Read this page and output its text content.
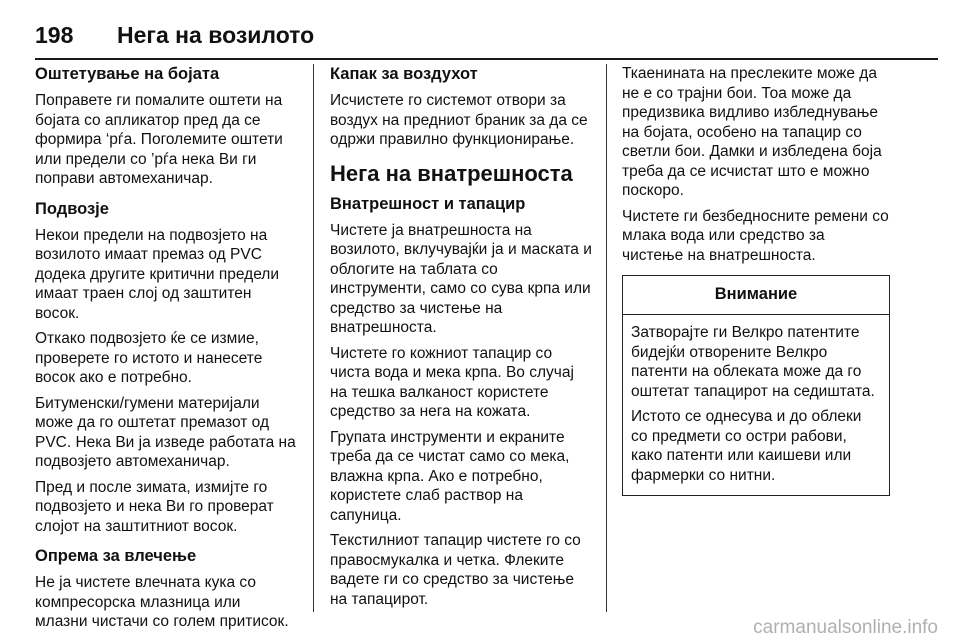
198	Нега на возилото
Оштетување на бојата

Поправете ги помалите оштети на бојата со апликатор пред да се формира ‘рѓа. Поголемите оштети или предели со ’рѓа нека Ви ги поправи автомеханичар.

Подвозје

Некои предели на подвозјето на возилото имаат премаз од PVC додека другите критични предели имаат траен слој од заштитен восок.

Откако подвозјето ќе се измие, проверете го истото и нанесете восок ако е потребно.

Битуменски/гумени материјали може да го оштетат премазот од PVC. Нека Ви ја изведе работата на подвозјето автомеханичар.

Пред и после зимата, измијте го подвозјето и нека Ви го проверат слојот на заштитниот восок.

Опрема за влечење

Не ја чистете влечната кука со компресорска млазница или млазни чистачи со голем притисок.

Капак за воздухот

Исчистете го системот отвори за воздух на предниот браник за да се одржи правилно функционирање.

Нега на внатрешноста
Внатрешност и тапацир

Чистете ја внатрешноста на возилото, вклучувајќи ја и маската и облогите на таблата со инструменти, само со сува крпа или средство за чистење на внатрешноста.

Чистете го кожниот тапацир со чиста вода и мека крпа. Во случај на тешка валканост користете средство за нега на кожата.

Групата инструменти и екраните треба да се чистат само со мека, влажна крпа. Ако е потребно, користете слаб раствор на сапуница.

Текстилниот тапацир чистете го со правосмукалка и четка. Флеките вадете ги со средство за чистење на тапацирот.

Ткаенината на преслеките може да не е со трајни бои. Тоа може да предизвика видливо избледнување на бојата, особено на тапацир со светли бои. Дамки и избледена боја треба да се исчистат што е можно поскоро.

Чистете ги безбедносните ремени со млака вода или средство за чистење на внатрешноста.

Внимание

Затворајте ги Велкро патентите бидејќи отворените Велкро патенти на облеката може да го оштетат тапацирот на седиштата.

Истото се однесува и до облеки со предмети со остри рабови, како патенти или каишеви или фармерки со нитни.

carmanualsonline.info
